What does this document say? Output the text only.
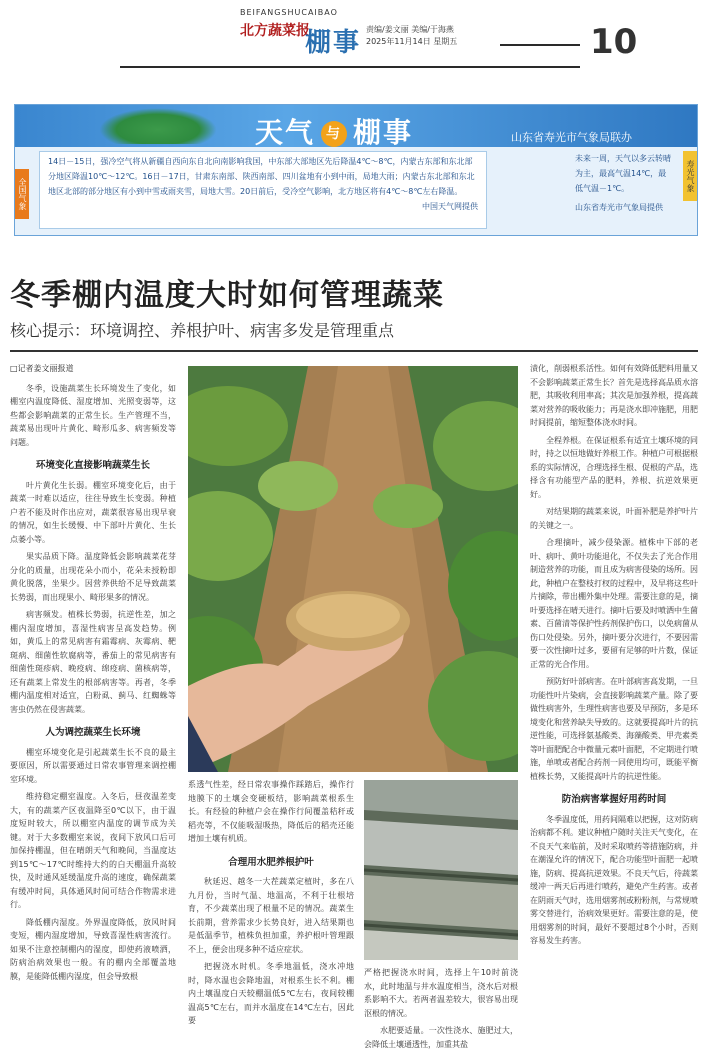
BEIFANGSHUCAIBAO
北方蔬菜报
棚事 责编/姜文丽 美编/于海燕
2025年11月14日 星期五	10
天气 与 棚事	山东省寿光市气象局联办
全国气象
14日－15日，强冷空气将从新疆自西向东自北向南影响我国，中东部大部地区先后降温4℃～8℃，内蒙古东部和东北部分地区降温10℃～12℃。16日－17日，甘肃东南部、陕西南部、四川盆地有小到中雨，局地大雨；内蒙古东北部和东北地区北部的部分地区有小到中雪或雨夹雪，局地大雪。20日前后，受冷空气影响，北方地区将有4℃～8℃左右降温。
中国天气网提供
未来一周，天气以多云转晴为主，最高气温14℃，最低气温－1℃。
山东省寿光市气象局提供
寿光气象
冬季棚内温度大时如何管理蔬菜
核心提示：环境调控、养根护叶、病害多发是管理重点
□记者姜文丽报道

冬季，设施蔬菜生长环境发生了变化，如棚室内温度降低、湿度增加、光照变弱等，这些都会影响蔬菜的正常生长。生产管理不当，蔬菜易出现叶片黄化、畸形瓜多、病害频发等问题。

环境变化直接影响蔬菜生长

叶片黄化生长弱。棚室环境变化后，由于蔬菜一时难以适应，往往导致生长变弱。种植户若不能及时作出应对，蔬菜很容易出现早衰的情况，如生长缓慢、中下部叶片黄化、生长点萎小等。

果实品质下降。温度降低会影响蔬菜花芽分化的质量，出现花朵小而小，花朵未授粉即黄化脱落，坐果少。因营养供给不足导致蔬菜长势弱，而出现果小、畸形果多的情况。

病害频发。植株长势弱，抗逆性差，加之棚内湿度增加，喜湿性病害呈高发趋势。例如，黄瓜上的常见病害有霜霉病、灰霉病、靶斑病、细菌性软腐病等，番茄上的常见病害有细菌性斑疹病、晚疫病、绵疫病、菌核病等，还有蔬菜上常发生的根部病害等。再者，冬季棚内温度相对适宜，白粉虱、蓟马、红蜘蛛等害虫仍然在侵害蔬菜。

人为调控蔬菜生长环境

棚室环境变化是引起蔬菜生长不良的最主要原因，所以需要通过日常农事管理来调控棚室环境。

维持稳定棚室温度。入冬后，昼夜温差变大，有的蔬菜产区夜温降至0℃以下，由于温度短时较大，所以棚室内温度的调节成为关键。对于大多数棚室来说，夜间下放风口后可加保持棚温，但在晴朗天气和晚间，当温度达到15℃～17℃时维持大约的白天棚温升高较快，及时通风延缓温度升高的速度，确保蔬菜有缓冲时间，具体通风时间可结合作物需求进行。

降低棚内湿度。外界温度降低，放风时间变短，棚内湿度增加，导致喜湿性病害流行。如果不注意控制棚内的湿度，即使药液喷洒，防病治病效果也一般。有的棚内全部覆盖地膜，是能降低棚内湿度，但会导致根

系透气性差，经日常农事操作踩踏后，操作行地膜下的土壤会变硬板结，影响蔬菜根系生长。有经验的种植户会在操作行间覆盖秸秆或稻壳等，不仅能吸湿吸热，降低后的稻壳还能增加土壤有机质。

合理用水肥养根护叶

秋延迟、越冬一大茬蔬菜定植时，多在八九月份，当时气温、地温高，不利于壮根培育，不少蔬菜出现了根量不足的情况。蔬菜生长前期，营养需求少长势良好，进入结果期也是低温季节，植株负担加重，养护根叶管理跟不上，便会出现多种不适应症状。

把握浇水时机。冬季地温低，浇水冲地时，降水温也会降地温，对根系生长不利。棚内土壤温度白天较棚温低5℃左右，夜间较棚温高5℃左右，而并水温度在14℃左右，因此要

严格把握浇水时间，选择上午10时前浇水，此时地温与井水温度相当，浇水后对根系影响不大。若两者温差较大，很容易出现沤根的情况。

水肥要适量。一次性浇水、施肥过大，会降低土壤通透性，加重其盐

渍化，削弱根系活性。如何有效降低肥料用量又不会影响蔬菜正常生长？首先是选择高品质水溶肥，其吸收利用率高；其次是加强养根，提高蔬菜对营养的吸收能力；再是浇水即冲施肥，用肥时间提前，缩短整体浇水时间。

全程养根。在保证根系有适宜土壤环境的同时，持之以恒地做好养根工作。种植户可根据根系的实际情况，合理选择生根、促根的产品，选择含有功能型产品的肥料，养根、抗逆效果更好。

对结果期的蔬菜来说，叶面补肥是养护叶片的关键之一。

合理摘叶，减少侵染源。植株中下部的老叶、病叶、黄叶功能退化，不仅失去了光合作用制造营养的功能，而且成为病害侵染的场所。因此，种植户在整枝打杈的过程中，及早将这些叶片摘除，带出棚外集中处理。需要注意的是，摘叶要选择在晴天进行。摘叶后要及时喷洒中生菌素、百菌清等保护性药剂保护伤口，以免病菌从伤口处侵染。另外，摘叶要分次进行，不要因需要一次性摘叶过多，要留有足够的叶片数，保证正常的光合作用。

预防好叶部病害。在叶部病害高发期，一旦功能性叶片染病，会直接影响蔬菜产量。除了要做性病害外，生理性病害也要及早预防，多是环境变化和营养缺失导致的。这就要提高叶片的抗逆性能，可选择氨基酸类、海藻酸类、甲壳素类等叶面肥配合中微量元素叶面肥，不定期进行喷施，单喷或者配合药剂一同使用均可，既能平衡植株长势，又能提高叶片的抗逆性能。

防治病害掌握好用药时间

冬季温度低，用药间隔难以把握，这对防病治病都不利。建议种植户随时关注天气变化，在不良天气来临前，及时采取喷药等措施防病，并在潮湿允许的情况下，配合功能型叶面肥一起喷施，防病、提高抗逆效果。不良天气后，待蔬菜缓冲一两天后再进行喷药，避免产生药害。或者在阴雨天气时，选用烟雾剂或粉粉剂，与常规喷雾交替进行，治病效果更好。需要注意的是，使用烟雾剂的时间，最好不要超过8个小时，否则容易发生药害。
